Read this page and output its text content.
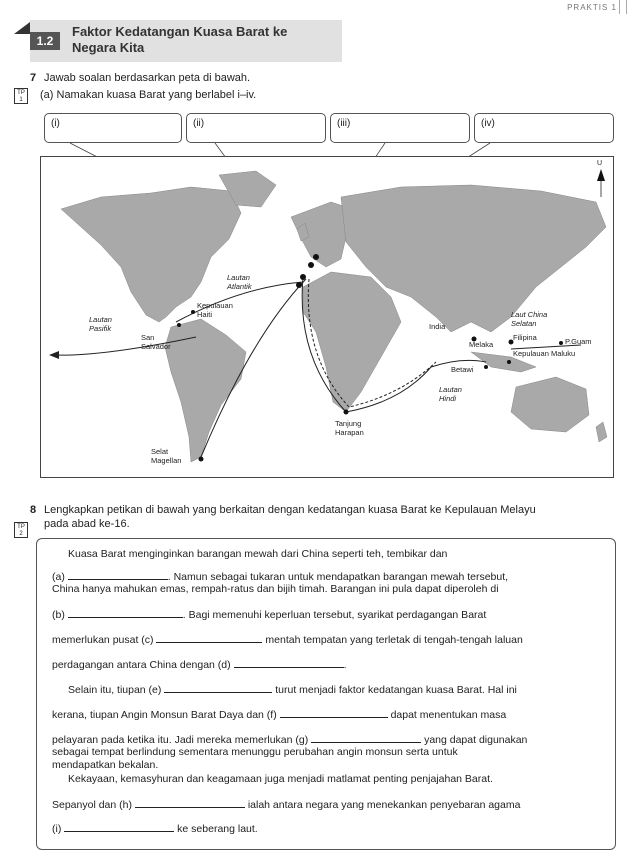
PRAKTIS 1
1.2
Faktor Kedatangan Kuasa Barat ke
Negara Kita
7 Jawab soalan berdasarkan peta di bawah.
TP
1	(a) Namakan kuasa Barat yang berlabel i–iv.
(i)	(ii)	(iii)	(iv)
U
Lautan
Atlantik
Lautan
Pasifik
Kepulauan
Haiti
San
Salvador
India
Laut China
Selatan
Filipina	P.Guam
Melaka
Kepulauan Maluku
Betawi
Lautan
Hindi
Tanjung
Harapan
Selat
Magellan
8 Lengkapkan petikan di bawah yang berkaitan dengan kedatangan kuasa Barat ke Kepulauan Melayu
TP
2
pada abad ke-16.
Kuasa Barat menginginkan barangan mewah dari China seperti teh, tembikar dan
(a)	. Namun sebagai tukaran untuk mendapatkan barangan mewah tersebut,
China hanya mahukan emas, rempah-ratus dan bijih timah. Barangan ini pula dapat diperoleh di
(b)	. Bagi memenuhi keperluan tersebut, syarikat perdagangan Barat
memerlukan pusat (c)	mentah tempatan yang terletak di tengah-tengah laluan
perdagangan antara China dengan (d)	.
Selain itu, tiupan (e)	turut menjadi faktor kedatangan kuasa Barat. Hal ini
kerana, tiupan Angin Monsun Barat Daya dan (f)	dapat menentukan masa
pelayaran pada ketika itu. Jadi mereka memerlukan (g)	yang dapat digunakan
sebagai tempat berlindung sementara menunggu perubahan angin monsun serta untuk
mendapatkan bekalan.
Kekayaan, kemasyhuran dan keagamaan juga menjadi matlamat penting penjajahan Barat.
Sepanyol dan (h)	ialah antara negara yang menekankan penyebaran agama
(i)	ke seberang laut.
